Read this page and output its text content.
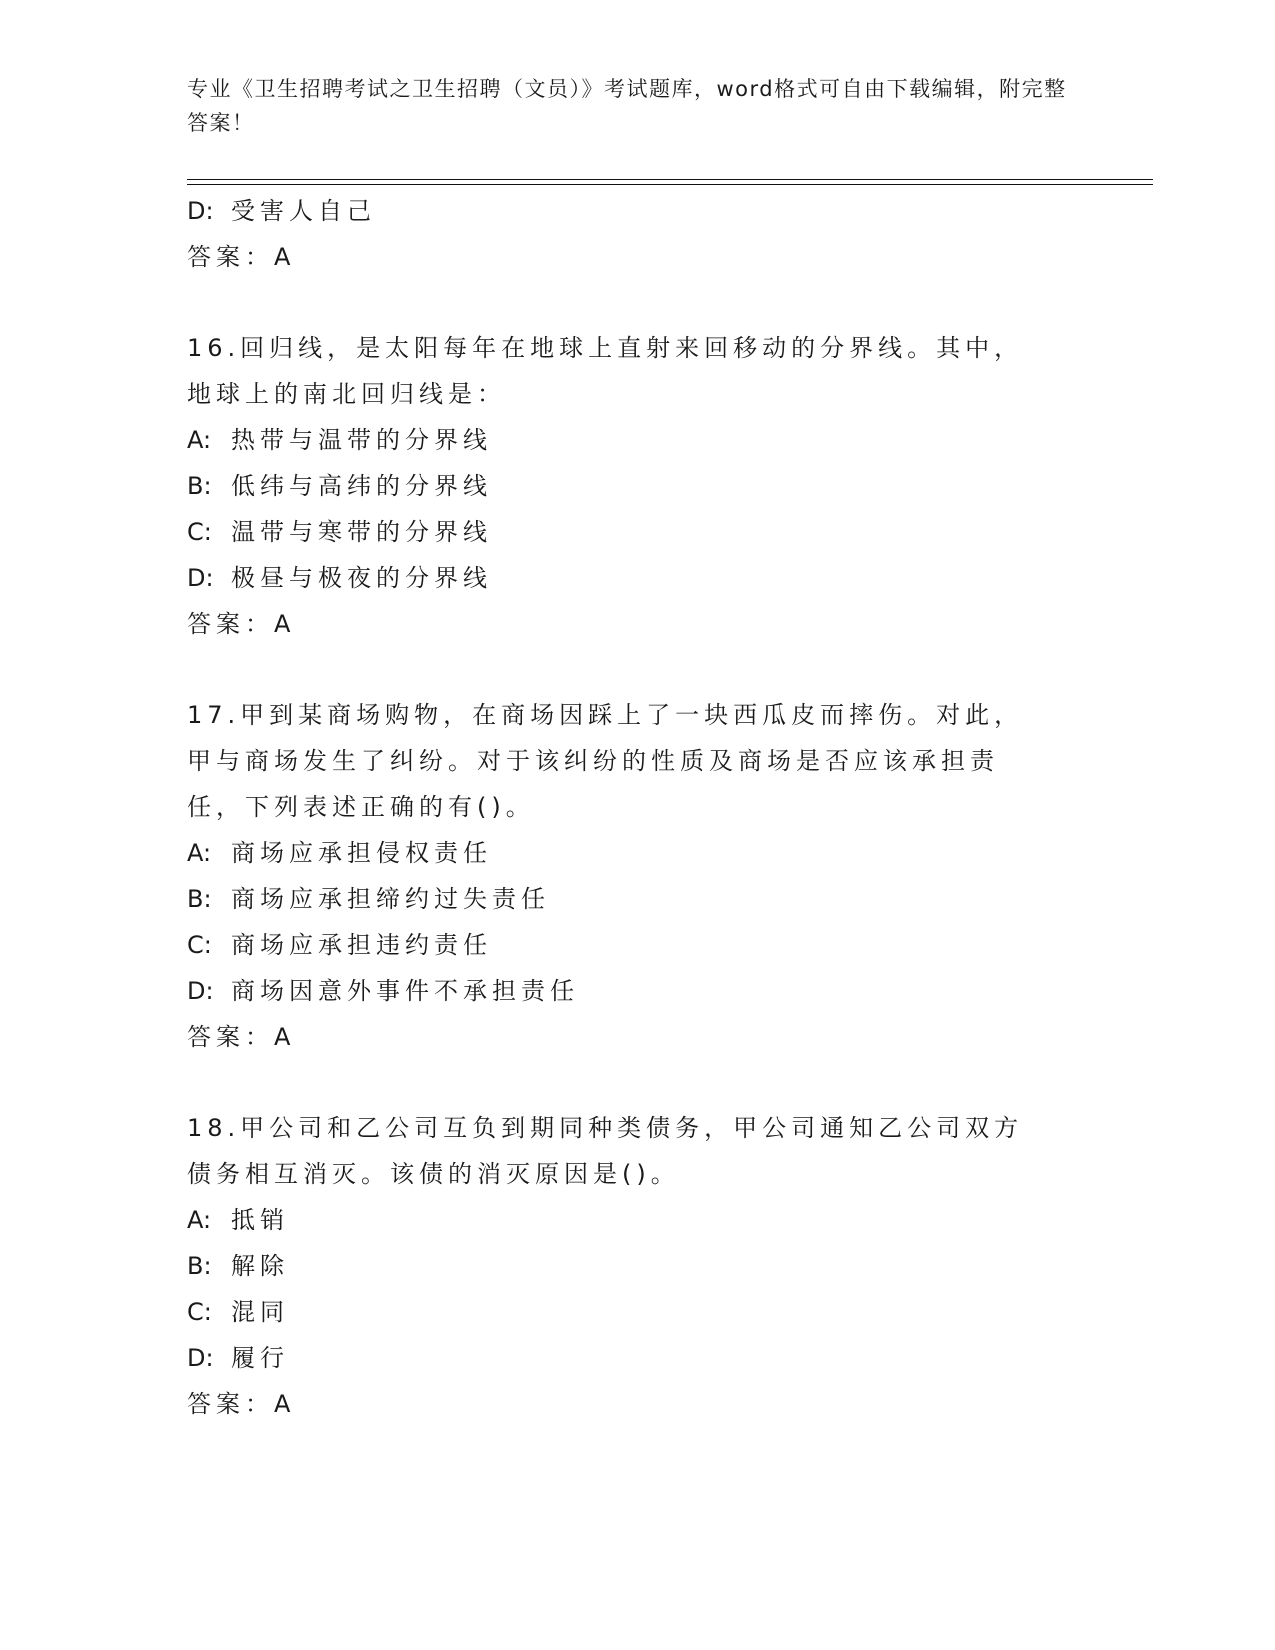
专业《卫生招聘考试之卫生招聘（文员）》考试题库，word格式可自由下载编辑，附完整答案！
D: 受害人自己
答案：A
16.回归线，是太阳每年在地球上直射来回移动的分界线。其中，地球上的南北回归线是：
A: 热带与温带的分界线
B: 低纬与高纬的分界线
C: 温带与寒带的分界线
D: 极昼与极夜的分界线
答案：A
17.甲到某商场购物，在商场因踩上了一块西瓜皮而摔伤。对此，甲与商场发生了纠纷。对于该纠纷的性质及商场是否应该承担责任，下列表述正确的有()。
A: 商场应承担侵权责任
B: 商场应承担缔约过失责任
C: 商场应承担违约责任
D: 商场因意外事件不承担责任
答案：A
18.甲公司和乙公司互负到期同种类债务，甲公司通知乙公司双方债务相互消灭。该债的消灭原因是()。
A: 抵销
B: 解除
C: 混同
D: 履行
答案：A
